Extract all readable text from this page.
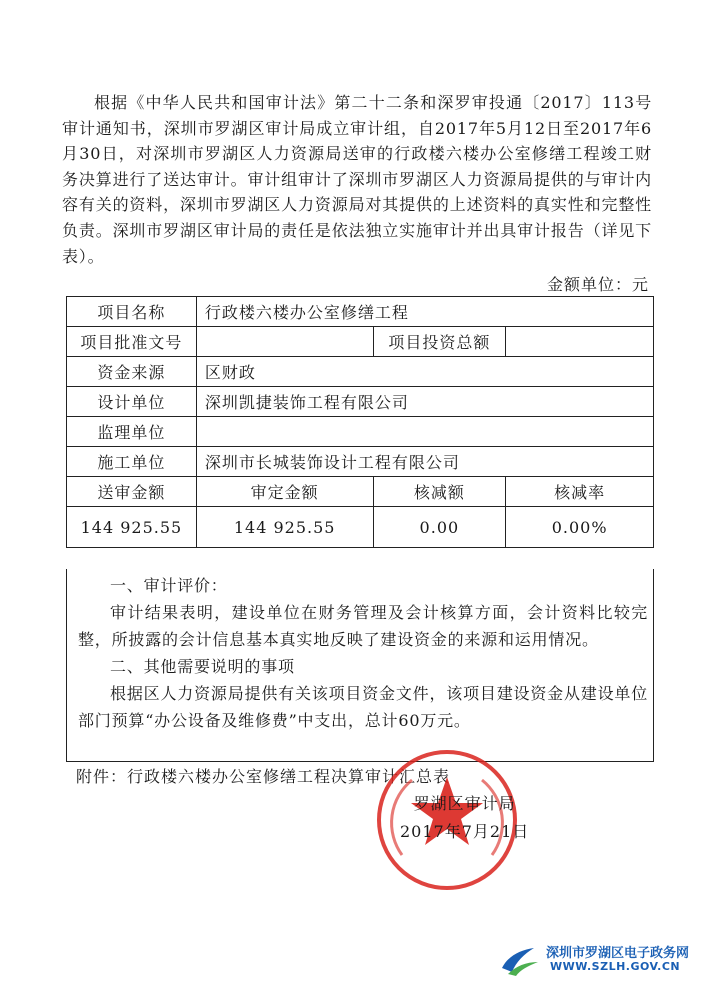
根据《中华人民共和国审计法》第二十二条和深罗审投通〔2017〕113号审计通知书，深圳市罗湖区审计局成立审计组，自2017年5月12日至2017年6月30日，对深圳市罗湖区人力资源局送审的行政楼六楼办公室修缮工程竣工财务决算进行了送达审计。审计组审计了深圳市罗湖区人力资源局提供的与审计内容有关的资料，深圳市罗湖区人力资源局对其提供的上述资料的真实性和完整性负责。深圳市罗湖区审计局的责任是依法独立实施审计并出具审计报告（详见下表）。

金额单位：元
项目名称	行政楼六楼办公室修缮工程		
项目批准文号		项目投资总额	
资金来源	区财政		
设计单位	深圳凯捷装饰工程有限公司		
监理单位			
施工单位	深圳市长城装饰设计工程有限公司		
送审金额	审定金额	核减额	核减率
144 925.55	144 925.55	0.00	0.00%

一、审计评价：

审计结果表明，建设单位在财务管理及会计核算方面，会计资料比较完整，所披露的会计信息基本真实地反映了建设资金的来源和运用情况。

二、其他需要说明的事项

根据区人力资源局提供有关该项目资金文件，该项目建设资金从建设单位部门预算“办公设备及维修费”中支出，总计60万元。

附件：行政楼六楼办公室修缮工程决算审计汇总表
罗湖区审计局
2017年7月21日
深圳市罗湖区电子政务网
WWW.SZLH.GOV.CN
